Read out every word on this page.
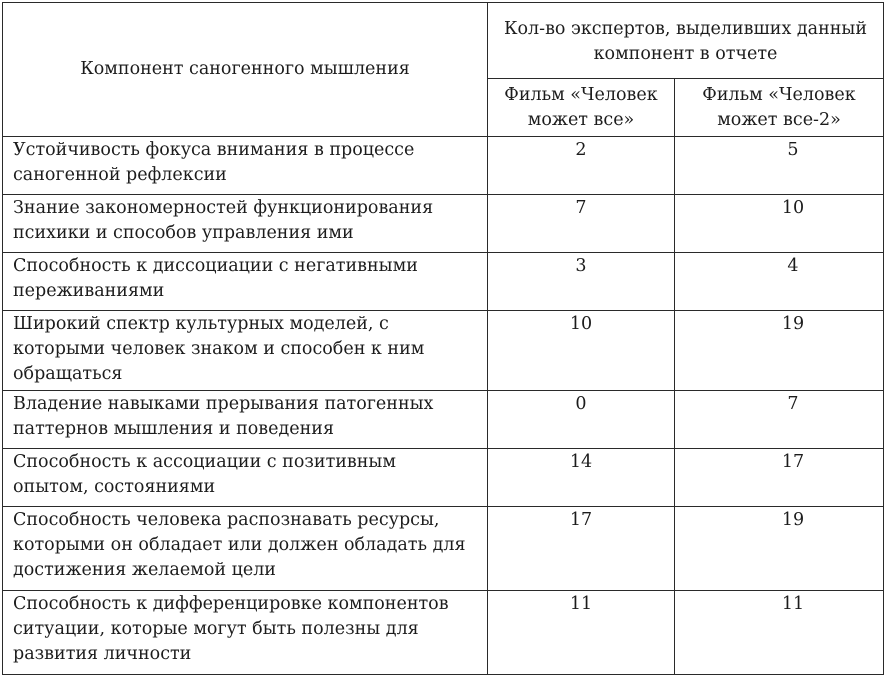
Компонент саногенного мышления	Кол-во экспертов, выделивших данный компонент в отчете	
	Фильм «Человек может все»	Фильм «Человек может все-2»
Устойчивость фокуса внимания в процессе саногенной рефлексии	2	5
Знание закономерностей функционирования психики и способов управления ими	7	10
Способность к диссоциации с негативными переживаниями	3	4
Широкий спектр культурных моделей, с которыми человек знаком и способен к ним обращаться	10	19
Владение навыками прерывания патогенных паттернов мышления и поведения	0	7
Способность к ассоциации с позитивным опытом, состояниями	14	17
Способность человека распознавать ресурсы, которыми он обладает или должен обладать для достижения желаемой цели	17	19
Способность к дифференцировке компонентов ситуации, которые могут быть полезны для развития личности	11	11
